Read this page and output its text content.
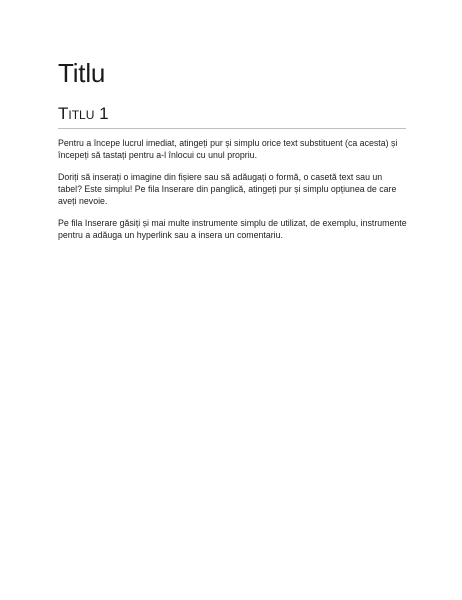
Titlu
Titlu 1

Pentru a începe lucrul imediat, atingeți pur și simplu orice text substituent (ca acesta) și începeți să tastați pentru a-l înlocui cu unul propriu.

Doriți să inserați o imagine din fișiere sau să adăugați o formă, o casetă text sau un tabel? Este simplu! Pe fila Inserare din panglică, atingeți pur și simplu opțiunea de care aveți nevoie.

Pe fila Inserare găsiți și mai multe instrumente simplu de utilizat, de exemplu, instrumente pentru a adăuga un hyperlink sau a insera un comentariu.
